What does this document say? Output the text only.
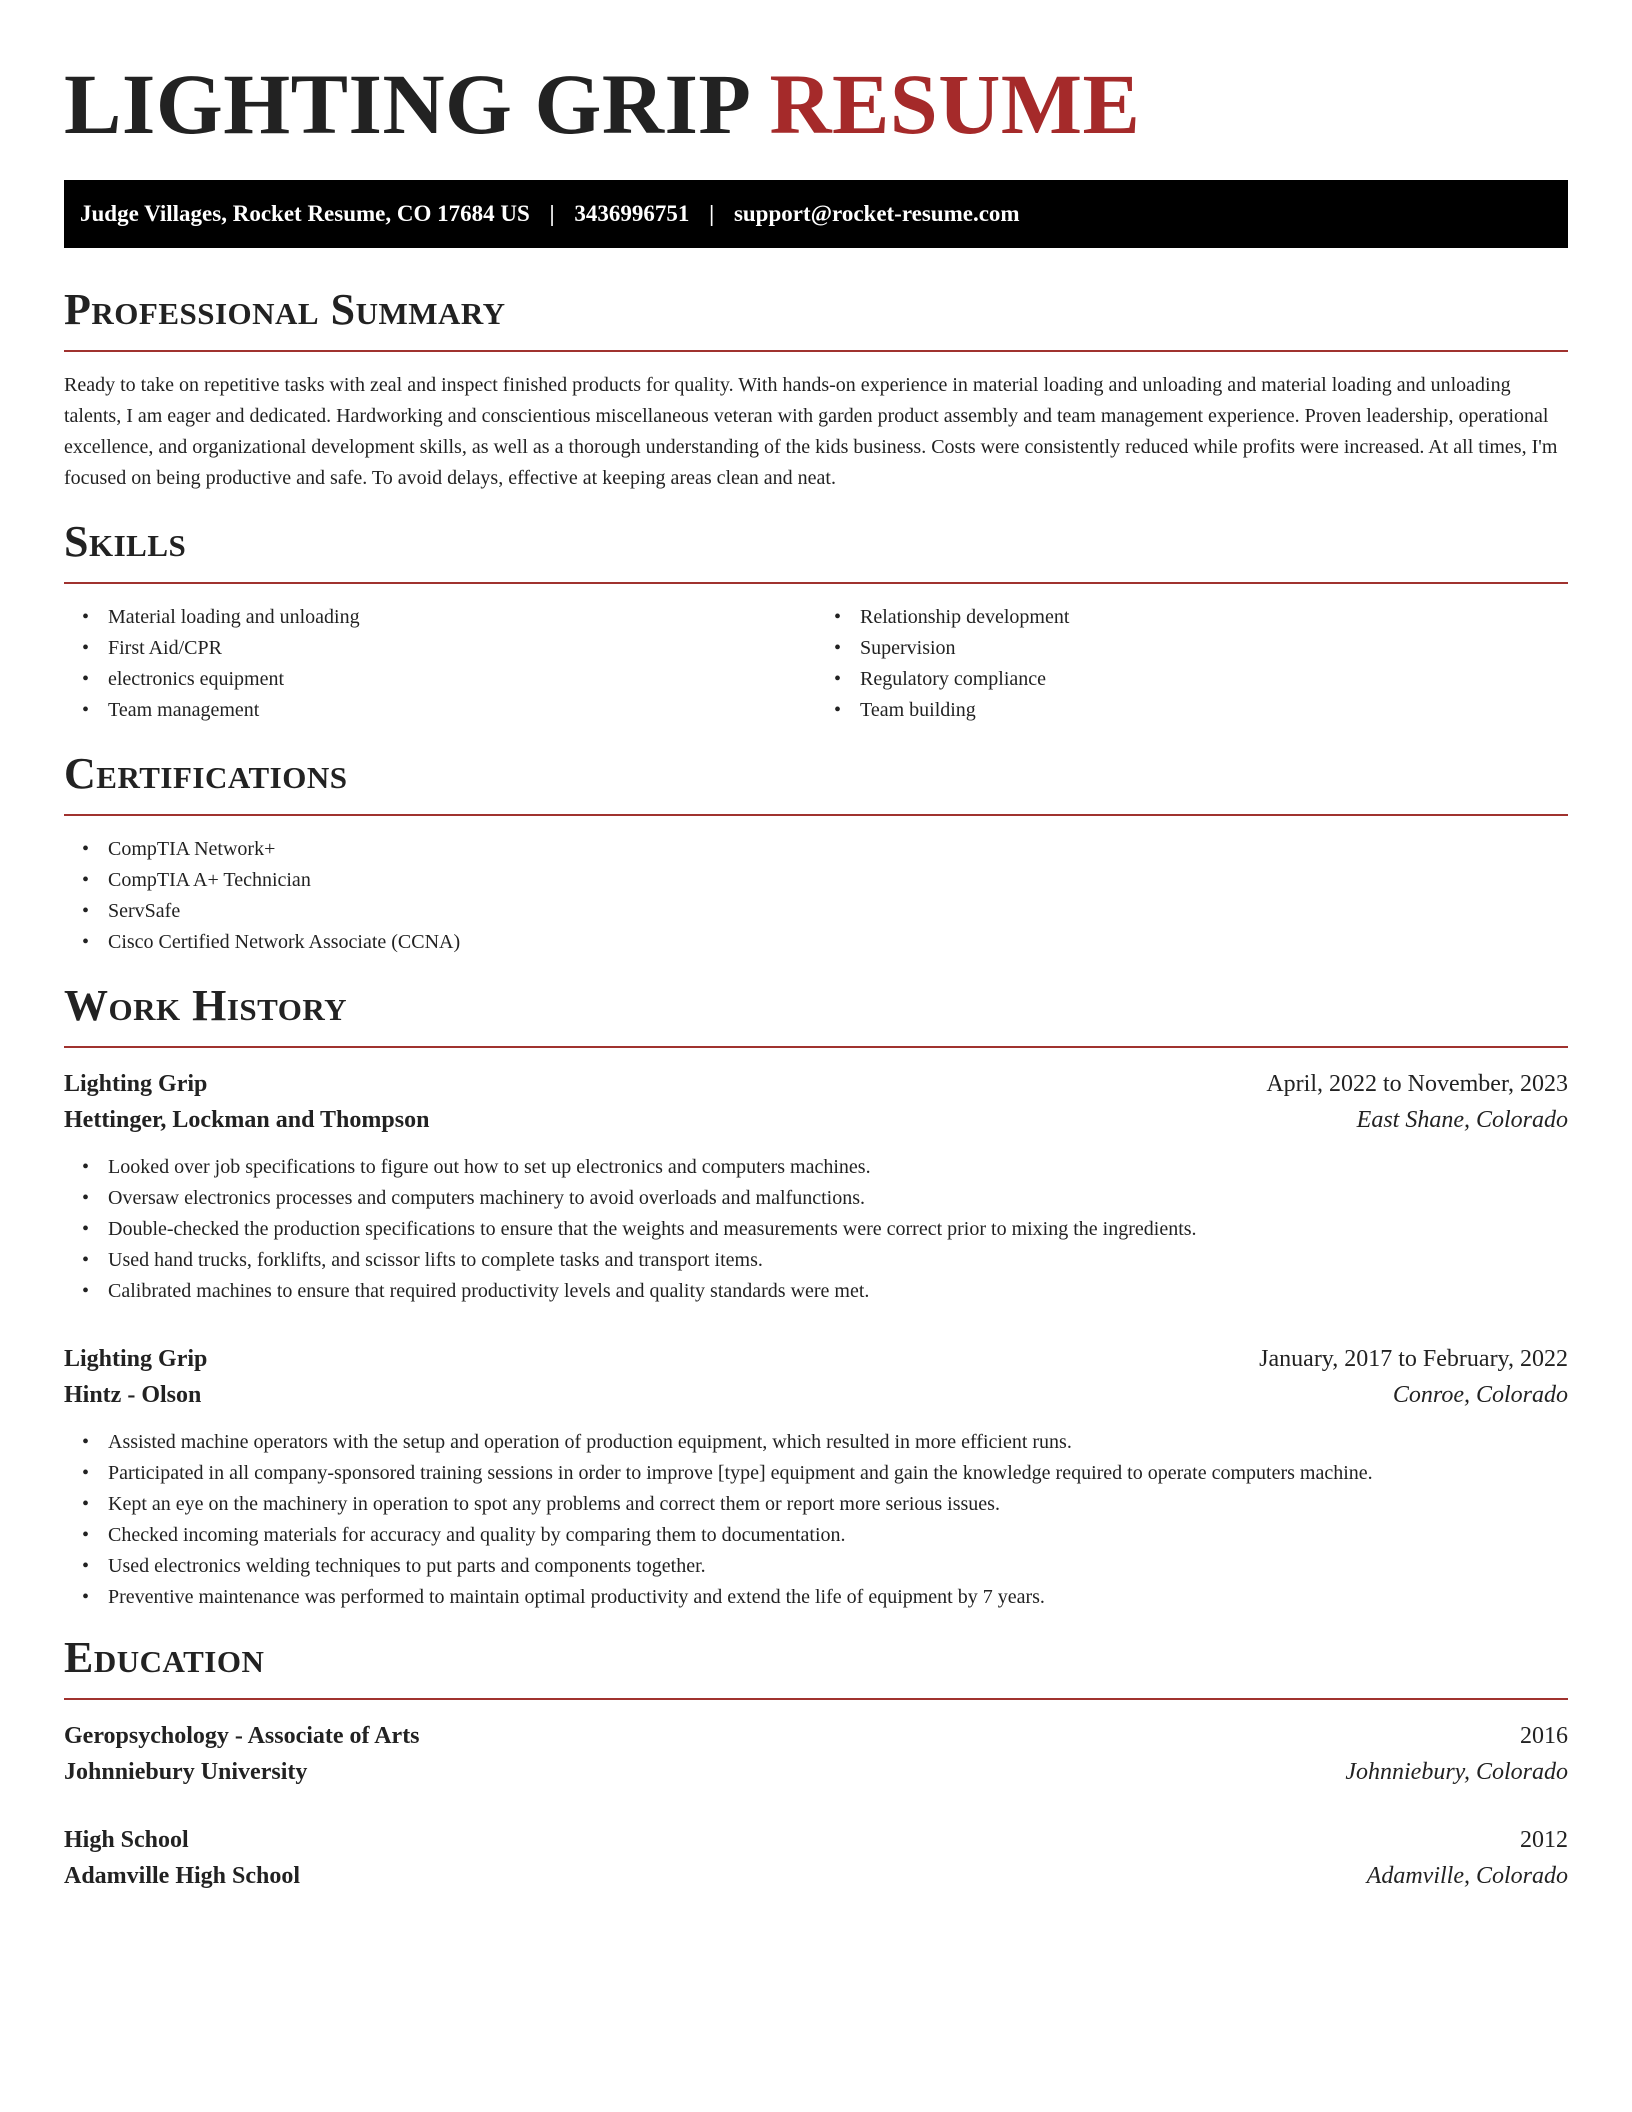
LIGHTING GRIP RESUME
Judge Villages, Rocket Resume, CO 17684 US | 3436996751 | support@rocket-resume.com
Professional Summary

Ready to take on repetitive tasks with zeal and inspect finished products for quality. With hands-on experience in material loading and unloading and material loading and unloading talents, I am eager and dedicated. Hardworking and conscientious miscellaneous veteran with garden product assembly and team management experience. Proven leadership, operational excellence, and organizational development skills, as well as a thorough understanding of the kids business. Costs were consistently reduced while profits were increased. At all times, I'm focused on being productive and safe. To avoid delays, effective at keeping areas clean and neat.

Skills
• Material loading and unloading
• First Aid/CPR
• electronics equipment
• Team management
• Relationship development
• Supervision
• Regulatory compliance
• Team building
Certifications
• CompTIA Network+
• CompTIA A+ Technician
• ServSafe
• Cisco Certified Network Associate (CCNA)
Work History
Lighting Grip	April, 2022 to November, 2023
Hettinger, Lockman and Thompson	East Shane, Colorado
• Looked over job specifications to figure out how to set up electronics and computers machines.
• Oversaw electronics processes and computers machinery to avoid overloads and malfunctions.
• Double-checked the production specifications to ensure that the weights and measurements were correct prior to mixing the ingredients.
• Used hand trucks, forklifts, and scissor lifts to complete tasks and transport items.
• Calibrated machines to ensure that required productivity levels and quality standards were met.
Lighting Grip	January, 2017 to February, 2022
Hintz - Olson	Conroe, Colorado
• Assisted machine operators with the setup and operation of production equipment, which resulted in more efficient runs.
• Participated in all company-sponsored training sessions in order to improve [type] equipment and gain the knowledge required to operate computers machine.
• Kept an eye on the machinery in operation to spot any problems and correct them or report more serious issues.
• Checked incoming materials for accuracy and quality by comparing them to documentation.
• Used electronics welding techniques to put parts and components together.
• Preventive maintenance was performed to maintain optimal productivity and extend the life of equipment by 7 years.
Education
Geropsychology - Associate of Arts	2016
Johnniebury University	Johnniebury, Colorado
High School	2012
Adamville High School	Adamville, Colorado
